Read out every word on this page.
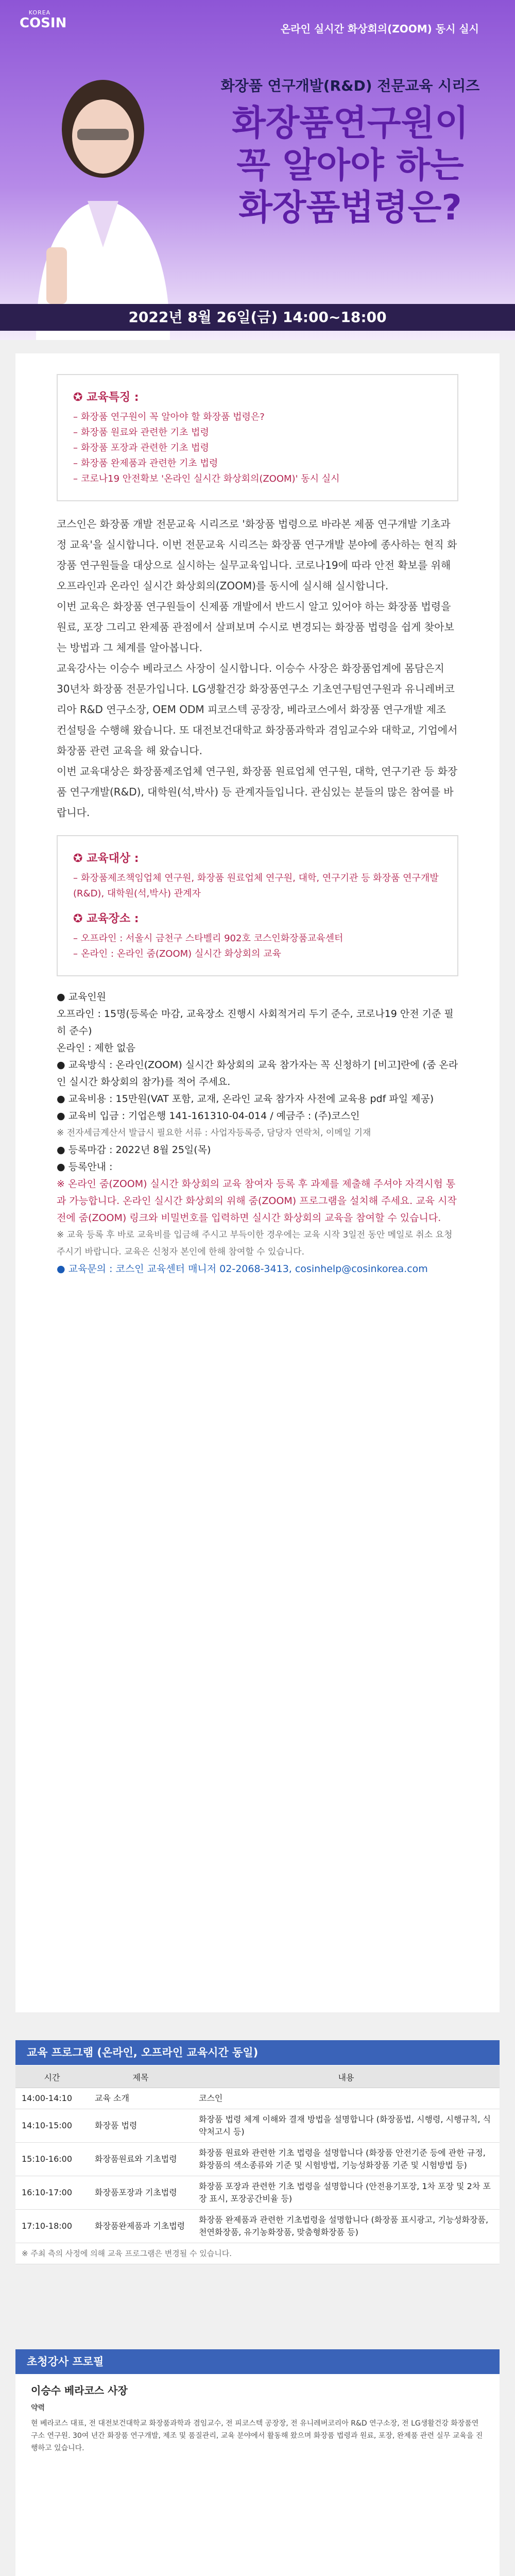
KOREA
COSIN	온라인 실시간 화상회의(ZOOM) 동시 실시
화장품 연구개발(R&D) 전문교육 시리즈
화장품연구원이
꼭 알아야 하는
화장품법령은?
2022년 8월 26일(금) 14:00~18:00
✪ 교육특징 :
– 화장품 연구원이 꼭 알아야 할 화장품 법령은?
– 화장품 원료와 관련한 기초 법령
– 화장품 포장과 관련한 기초 법령
– 화장품 완제품과 관련한 기초 법령
– 코로나19 안전확보 '온라인 실시간 화상회의(ZOOM)' 동시 실시

코스인은 화장품 개발 전문교육 시리즈로 '화장품 법령으로 바라본 제품 연구개발 기초과정 교육'을 실시합니다. 이번 전문교육 시리즈는 화장품 연구개발 분야에 종사하는 현직 화장품 연구원들을 대상으로 실시하는 실무교육입니다. 코로나19에 따라 안전 확보를 위해 오프라인과 온라인 실시간 화상회의(ZOOM)를 동시에 실시해 실시합니다.

이번 교육은 화장품 연구원들이 신제품 개발에서 반드시 알고 있어야 하는 화장품 법령을 원료, 포장 그리고 완제품 관점에서 살펴보며 수시로 변경되는 화장품 법령을 쉽게 찾아보는 방법과 그 체계를 알아봅니다.

교육강사는 이승수 베라코스 사장이 실시합니다. 이승수 사장은 화장품업계에 몸담은지 30년차 화장품 전문가입니다. LG생활건강 화장품연구소 기초연구팀연구원과 유니레버코리아 R&D 연구소장, OEM ODM 피코스텍 공장장, 베라코스에서 화장품 연구개발 제조 컨설팅을 수행해 왔습니다. 또 대전보건대학교 화장품과학과 겸임교수와 대학교, 기업에서 화장품 관련 교육을 해 왔습니다.

이번 교육대상은 화장품제조업체 연구원, 화장품 원료업체 연구원, 대학, 연구기관 등 화장품 연구개발(R&D), 대학원(석,박사) 등 관계자들입니다. 관심있는 분들의 많은 참여를 바랍니다.

✪ 교육대상 :
– 화장품제조책임업체 연구원, 화장품 원료업체 연구원, 대학, 연구기관 등 화장품 연구개발(R&D), 대학원(석,박사) 관계자
✪ 교육장소 :
– 오프라인 : 서울시 금천구 스타벨리 902호 코스인화장품교육센터
– 온라인 : 온라인 줌(ZOOM) 실시간 화상회의 교육
● 교육인원
오프라인 : 15명(등록순 마감, 교육장소 진행시 사회적거리 두기 준수, 코로나19 안전 기준 필히 준수)
온라인 : 제한 없음
● 교육방식 : 온라인(ZOOM) 실시간 화상회의 교육 참가자는 꼭 신청하기 [비고]란에 (줌 온라인 실시간 화상회의 참가)를 적어 주세요.
● 교육비용 : 15만원(VAT 포함, 교재, 온라인 교육 참가자 사전에 교육용 pdf 파일 제공)
● 교육비 입금 : 기업은행 141-161310-04-014 / 예금주 : (주)코스인
※ 전자세금계산서 발급시 필요한 서류 : 사업자등록증, 담당자 연락처, 이메일 기재
● 등록마감 : 2022년 8월 25일(목)
● 등록안내 :
※ 온라인 줌(ZOOM) 실시간 화상회의 교육 참여자 등록 후 과제를 제출해 주셔야 자격시험 통과 가능합니다. 온라인 실시간 화상회의 위해 줌(ZOOM) 프로그램을 설치해 주세요. 교육 시작 전에 줌(ZOOM) 링크와 비밀번호를 입력하면 실시간 화상회의 교육을 참여할 수 있습니다.
※ 교육 등록 후 바로 교육비를 입금해 주시고 부득이한 경우에는 교육 시작 3일전 동안 메일로 취소 요청 주시기 바랍니다. 교육은 신청자 본인에 한해 참여할 수 있습니다.
● 교육문의 : 코스인 교육센터 매니저 02-2068-3413, cosinhelp@cosinkorea.com
교육 프로그램 (온라인, 오프라인 교육시간 동일)
시간	제목	내용
14:00-14:10	교육 소개	코스인
14:10-15:00	화장품 법령	화장품 법령 체계 이해와 결재 방법을 설명합니다 (화장품법, 시행령, 시행규칙, 식약처고시 등)
15:10-16:00	화장품원료와 기초법령	화장품 원료와 관련한 기초 법령을 설명합니다 (화장품 안전기준 등에 관한 규정, 화장품의 색소종류와 기준 및 시험방법, 기능성화장품 기준 및 시험방법 등)
16:10-17:00	화장품포장과 기초법령	화장품 포장과 관련한 기초 법령을 설명합니다 (안전용기포장, 1차 포장 및 2차 포장 표시, 포장공간비율 등)
17:10-18:00	화장품완제품과 기초법령	화장품 완제품과 관련한 기초법령을 설명합니다 (화장품 표시광고, 기능성화장품, 천연화장품, 유기농화장품, 맞춤형화장품 등)
※ 주최 측의 사정에 의해 교육 프로그램은 변경될 수 있습니다.		
초청강사 프로필
이승수 베라코스 사장
약력
현 베라코스 대표, 전 대전보건대학교 화장품과학과 겸임교수, 전 피코스텍 공장장, 전 유니레버코리아 R&D 연구소장, 전 LG생활건강 화장품연구소 연구원. 30여 년간 화장품 연구개발, 제조 및 품질관리, 교육 분야에서 활동해 왔으며 화장품 법령과 원료, 포장, 완제품 관련 실무 교육을 진행하고 있습니다.
